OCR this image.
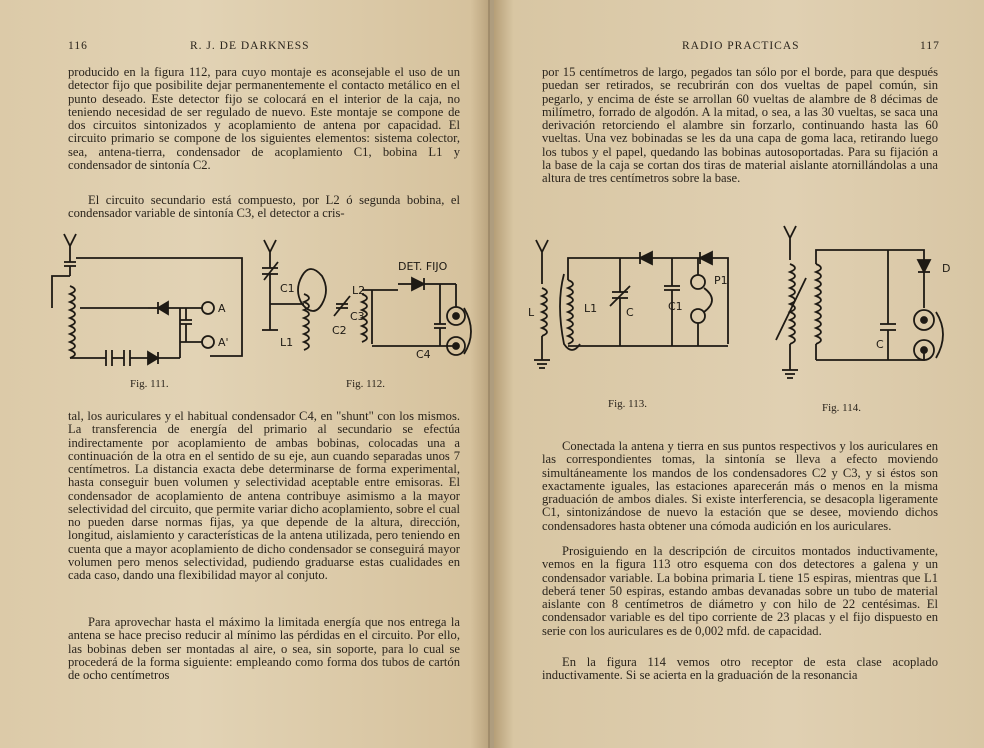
116	R. J. DE DARKNESS

producido en la figura 112, para cuyo montaje es aconsejable el uso de un detector fijo que posibilite dejar permanentemente el contacto metálico en el punto deseado. Este detector fijo se colocará en el interior de la caja, no teniendo necesidad de ser regulado de nuevo. Este montaje se compone de dos circuitos sintonizados y acoplamiento de antena por capacidad. El circuito primario se compone de los siguientes elementos: sistema colector, sea, antena-tierra, condensador de acoplamiento C1, bobina L1 y condensador de sintonía C2.

El circuito secundario está compuesto, por L2 ó segunda bobina, el condensador variable de sintonía C3, el detector a cris-

A
A'
Fig. 111.
DET. FIJO
C1
L1
C2
L2
C3
C4
Fig. 112.

tal, los auriculares y el habitual condensador C4, en "shunt" con los mismos. La transferencia de energía del primario al secundario se efectúa indirectamente por acoplamiento de ambas bobinas, colocadas una a continuación de la otra en el sentido de su eje, aun cuando separadas unos 7 centímetros. La distancia exacta debe determinarse de forma experimental, hasta conseguir buen volumen y selectividad aceptable entre emisoras. El condensador de acoplamiento de antena contribuye asimismo a la mayor selectividad del circuito, que permite variar dicho acoplamiento, sobre el cual no pueden darse normas fijas, ya que depende de la altura, dirección, longitud, aislamiento y características de la antena utilizada, pero teniendo en cuenta que a mayor acoplamiento de dicho condensador se conseguirá mayor volumen pero menos selectividad, pudiendo graduarse estas cualidades en cada caso, dando una flexibilidad mayor al conjuto.

Para aprovechar hasta el máximo la limitada energía que nos entrega la antena se hace preciso reducir al mínimo las pérdidas en el circuito. Por ello, las bobinas deben ser montadas al aire, o sea, sin soporte, para lo cual se procederá de la forma siguiente: empleando como forma dos tubos de cartón de ocho centímetros

RADIO PRACTICAS	117

por 15 centímetros de largo, pegados tan sólo por el borde, para que después puedan ser retirados, se recubrirán con dos vueltas de papel común, sin pegarlo, y encima de éste se arrollan 60 vueltas de alambre de 8 décimas de milímetro, forrado de algodón. A la mitad, o sea, a las 30 vueltas, se saca una derivación retorciendo el alambre sin forzarlo, continuando hasta las 60 vueltas. Una vez bobinadas se les da una capa de goma laca, retirando luego los tubos y el papel, quedando las bobinas autosoportadas. Para su fijación a la base de la caja se cortan dos tiras de material aislante atornillándolas a una altura de tres centímetros sobre la base.

L	L1	C	C1
P1
Fig. 113.
D
C
Fig. 114.

Conectada la antena y tierra en sus puntos respectivos y los auriculares en las correspondientes tomas, la sintonía se lleva a efecto moviendo simultáneamente los mandos de los condensadores C2 y C3, y si éstos son exactamente iguales, las estaciones aparecerán más o menos en la misma graduación de ambos diales. Si existe interferencia, se desacopla ligeramente C1, sintonizándose de nuevo la estación que se desee, moviendo dichos condensadores hasta obtener una cómoda audición en los auriculares.

Prosiguiendo en la descripción de circuitos montados inductivamente, vemos en la figura 113 otro esquema con dos detectores a galena y un condensador variable. La bobina primaria L tiene 15 espiras, mientras que L1 deberá tener 50 espiras, estando ambas devanadas sobre un tubo de material aislante con 8 centímetros de diámetro y con hilo de 22 centésimas. El condensador variable es del tipo corriente de 23 placas y el fijo dispuesto en serie con los auriculares es de 0,002 mfd. de capacidad.

En la figura 114 vemos otro receptor de esta clase acoplado inductivamente. Si se acierta en la graduación de la resonancia
